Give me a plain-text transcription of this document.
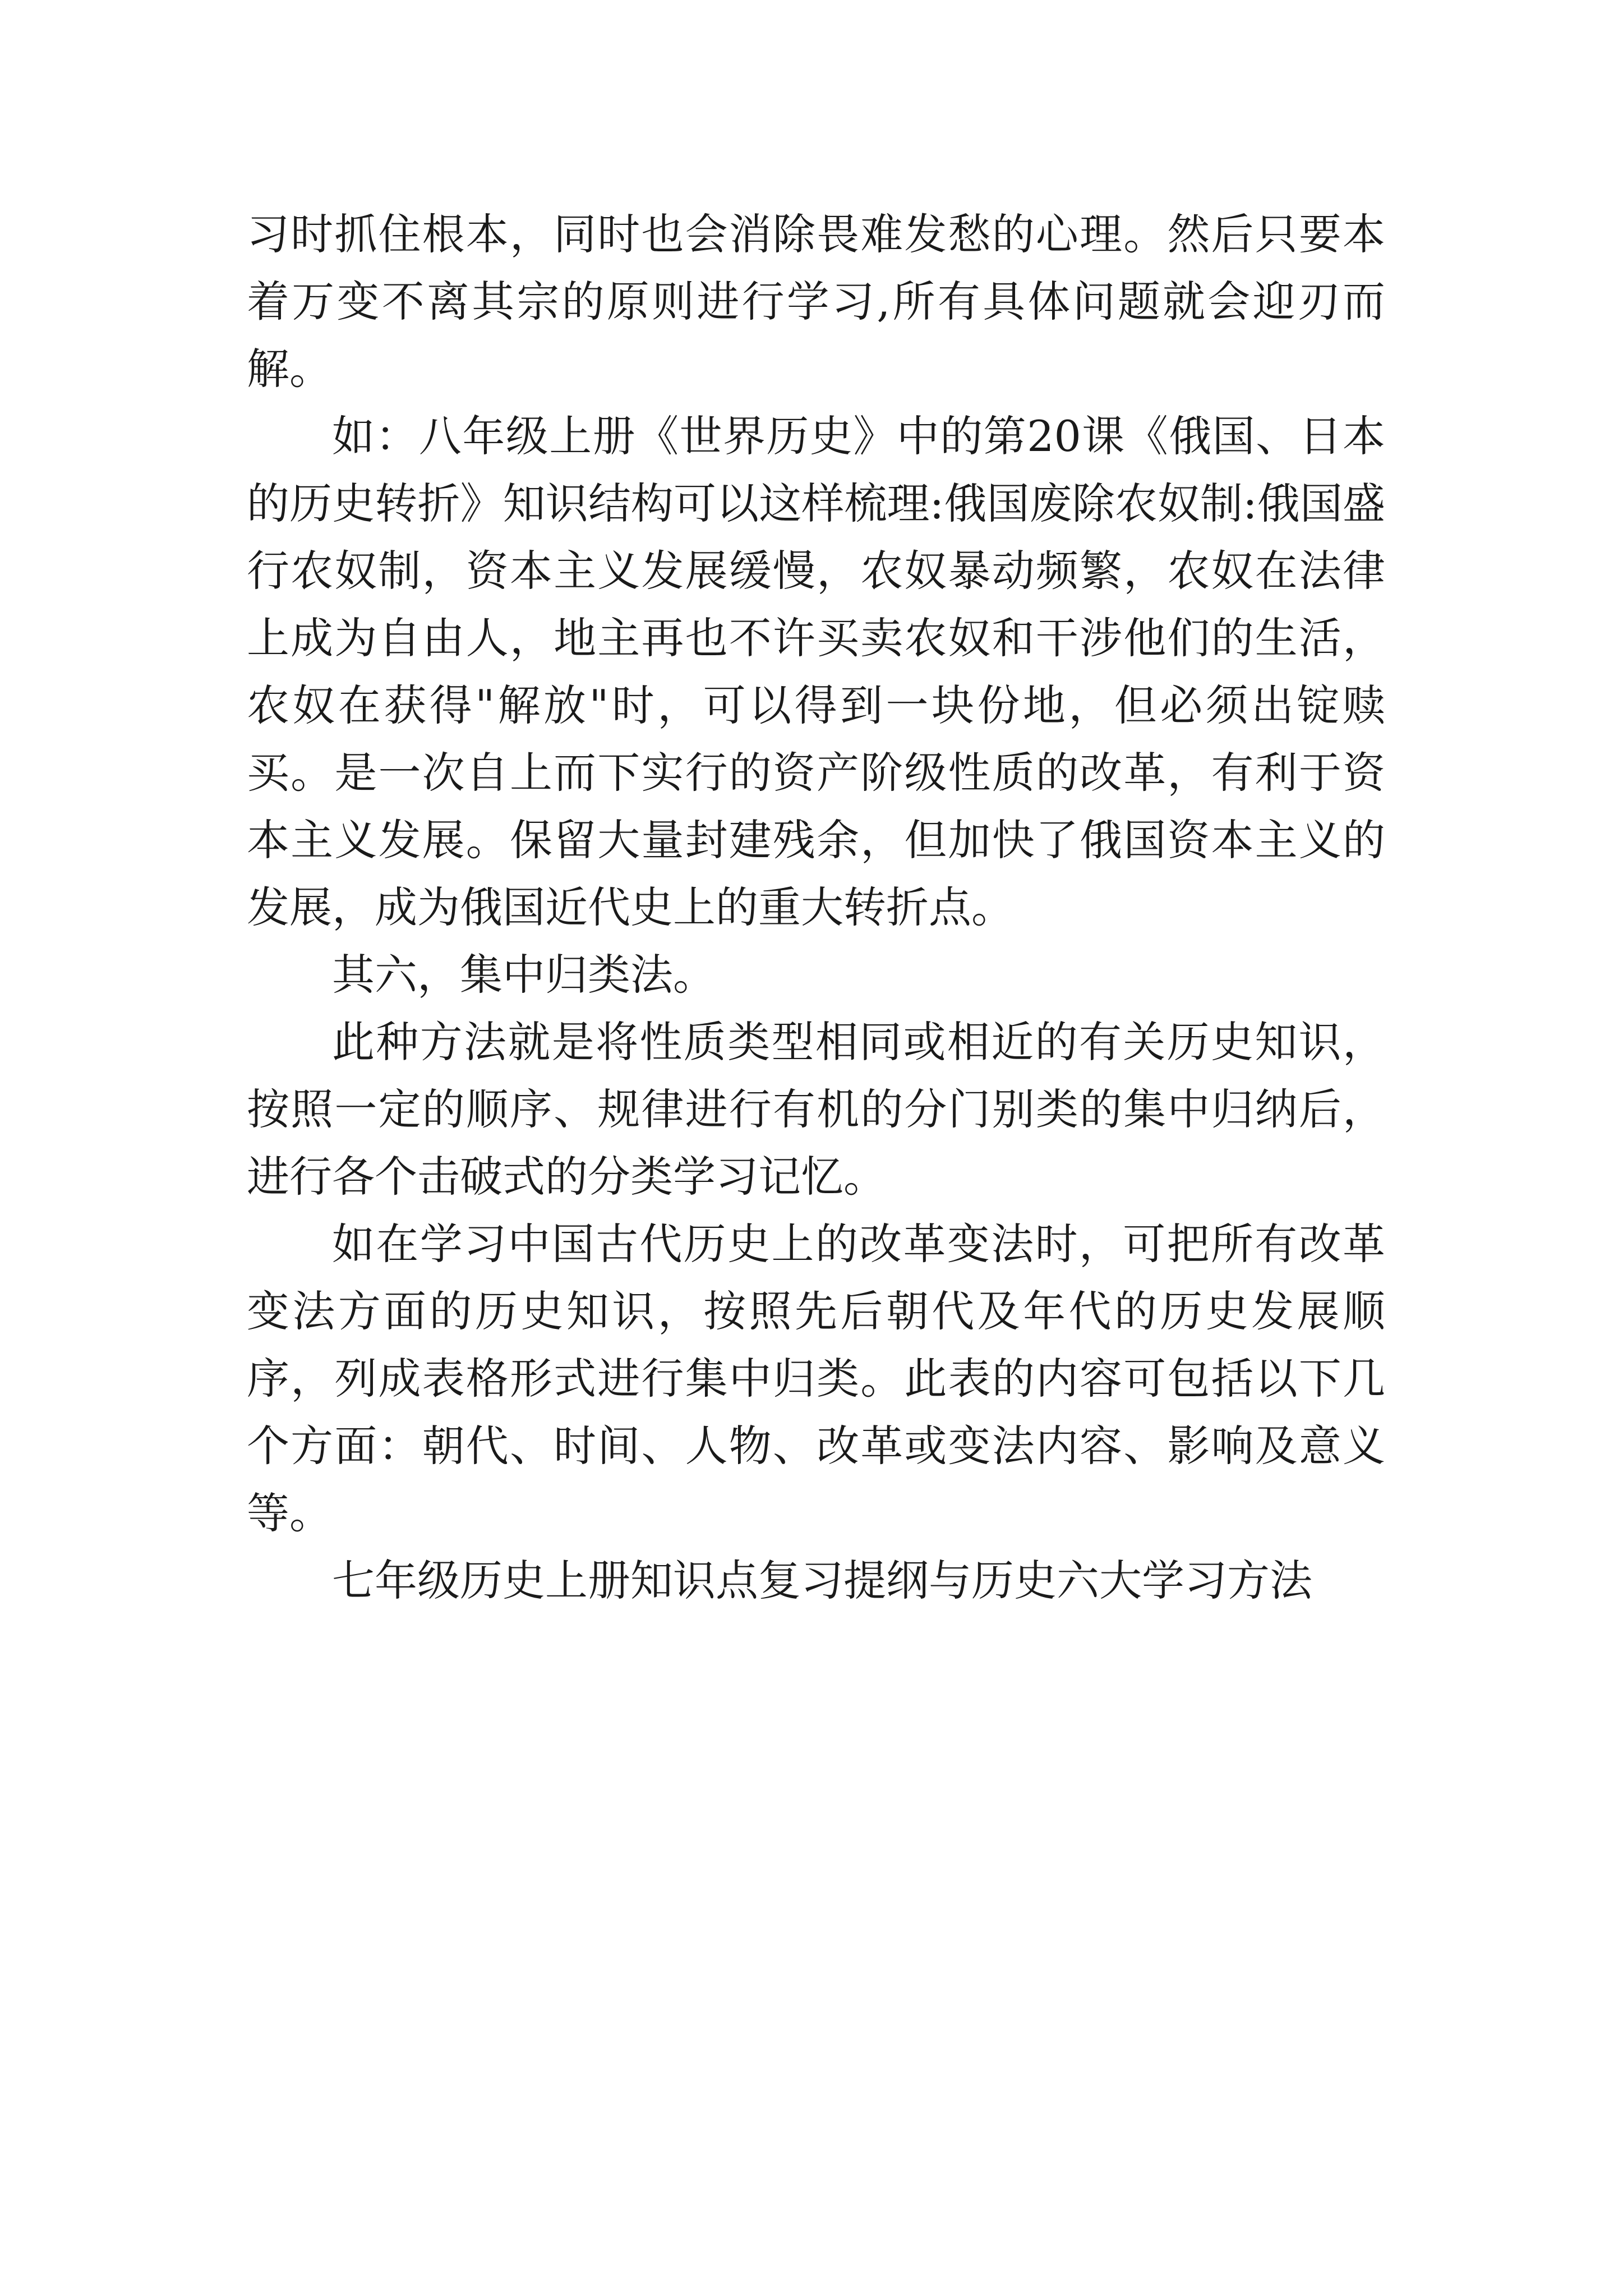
习时抓住根本，同时也会消除畏难发愁的心理。然后只要本着万变不离其宗的原则进行学习,所有具体问题就会迎刃而解。

如：八年级上册《世界历史》中的第20课《俄国、日本的历史转折》知识结构可以这样梳理:俄国废除农奴制:俄国盛行农奴制，资本主义发展缓慢，农奴暴动频繁，农奴在法律上成为自由人，地主再也不许买卖农奴和干涉他们的生活，农奴在获得"解放"时，可以得到一块份地，但必须出锭赎买。是一次自上而下实行的资产阶级性质的改革，有利于资本主义发展。保留大量封建残余，但加快了俄国资本主义的发展，成为俄国近代史上的重大转折点。

其六，集中归类法。

此种方法就是将性质类型相同或相近的有关历史知识，按照一定的顺序、规律进行有机的分门别类的集中归纳后，进行各个击破式的分类学习记忆。

如在学习中国古代历史上的改革变法时，可把所有改革变法方面的历史知识，按照先后朝代及年代的历史发展顺序，列成表格形式进行集中归类。此表的内容可包括以下几个方面：朝代、时间、人物、改革或变法内容、影响及意义等。

七年级历史上册知识点复习提纲与历史六大学习方法
